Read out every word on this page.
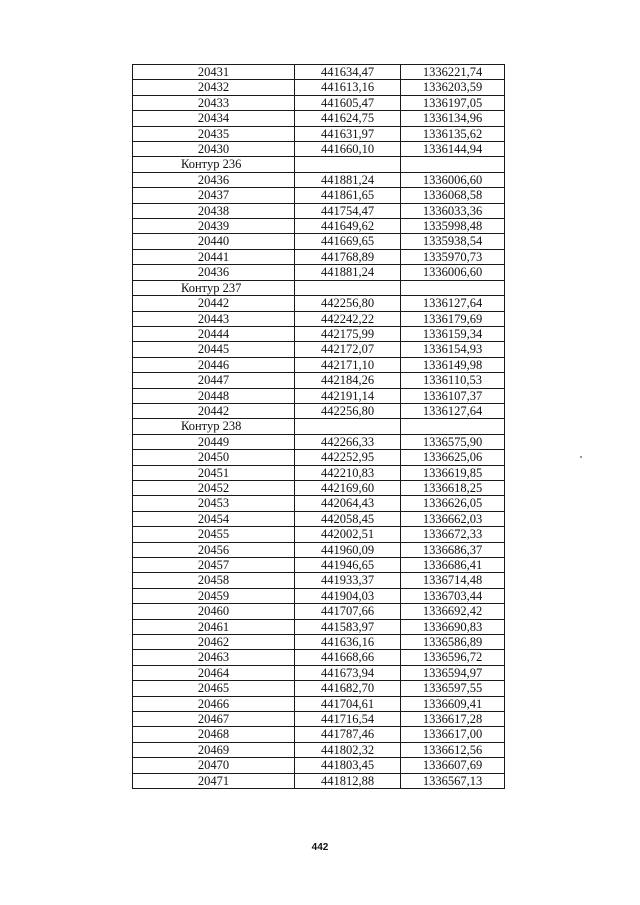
20431	441634,47	1336221,74
20432	441613,16	1336203,59
20433	441605,47	1336197,05
20434	441624,75	1336134,96
20435	441631,97	1336135,62
20430	441660,10	1336144,94
Контур 236		
20436	441881,24	1336006,60
20437	441861,65	1336068,58
20438	441754,47	1336033,36
20439	441649,62	1335998,48
20440	441669,65	1335938,54
20441	441768,89	1335970,73
20436	441881,24	1336006,60
Контур 237		
20442	442256,80	1336127,64
20443	442242,22	1336179,69
20444	442175,99	1336159,34
20445	442172,07	1336154,93
20446	442171,10	1336149,98
20447	442184,26	1336110,53
20448	442191,14	1336107,37
20442	442256,80	1336127,64
Контур 238		
20449	442266,33	1336575,90
20450	442252,95	1336625,06
20451	442210,83	1336619,85
20452	442169,60	1336618,25
20453	442064,43	1336626,05
20454	442058,45	1336662,03
20455	442002,51	1336672,33
20456	441960,09	1336686,37
20457	441946,65	1336686,41
20458	441933,37	1336714,48
20459	441904,03	1336703,44
20460	441707,66	1336692,42
20461	441583,97	1336690,83
20462	441636,16	1336586,89
20463	441668,66	1336596,72
20464	441673,94	1336594,97
20465	441682,70	1336597,55
20466	441704,61	1336609,41
20467	441716,54	1336617,28
20468	441787,46	1336617,00
20469	441802,32	1336612,56
20470	441803,45	1336607,69
20471	441812,88	1336567,13
442
